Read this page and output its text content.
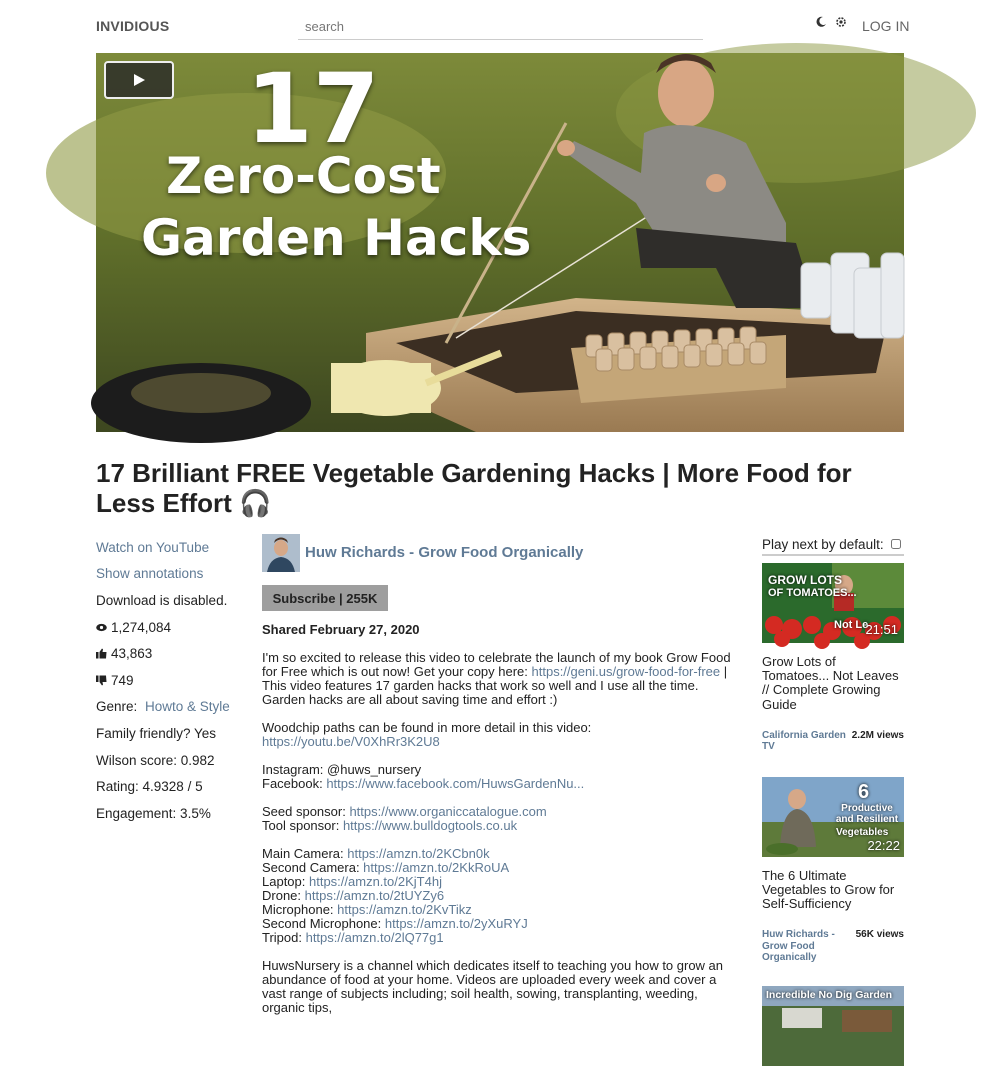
INVIDIOUS
search	LOG IN
17
Zero-Cost
Garden Hacks
17 Brilliant FREE Vegetable Gardening Hacks | More Food for Less Effort 🎧
Watch on YouTube
Show annotations
Download is disabled.
1,274,084
43,863
749
Genre: Howto & Style
Family friendly? Yes
Wilson score: 0.982
Rating: 4.9328 / 5
Engagement: 3.5%
Huw Richards - Grow Food Organically
Subscribe | 255K
Shared February 27, 2020

I'm so excited to release this video to celebrate the launch of my book Grow Food for Free which is out now! Get your copy here: https://geni.us/grow-food-for-free | This video features 17 garden hacks that work so well and I use all the time. Garden hacks are all about saving time and effort :)

Woodchip paths can be found in more detail in this video:
https://youtu.be/V0XhRr3K2U8

Instagram: @huws_nursery
Facebook: https://www.facebook.com/HuwsGardenNu...

Seed sponsor: https://www.organiccatalogue.com
Tool sponsor: https://www.bulldogtools.co.uk

Main Camera: https://amzn.to/2KCbn0k
Second Camera: https://amzn.to/2KkRoUA
Laptop: https://amzn.to/2KjT4hj
Drone: https://amzn.to/2tUYZy6
Microphone: https://amzn.to/2KvTikz
Second Microphone: https://amzn.to/2yXuRYJ
Tripod: https://amzn.to/2lQ77g1

HuwsNursery is a channel which dedicates itself to teaching you how to grow an abundance of food at your home. Videos are uploaded every week and cover a vast range of subjects including; soil health, sowing, transplanting, weeding, organic tips,

Play next by default:
GROW LOTS
OF TOMATOES...
Not Le
21:51
Grow Lots of Tomatoes... Not Leaves // Complete Growing Guide
California Garden TV
2.2M views
6
Productive and Resilient
Vegetables
22:22
The 6 Ultimate Vegetables to Grow for Self-Sufficiency
Huw Richards - Grow Food Organically
56K views
Incredible No Dig Garden
